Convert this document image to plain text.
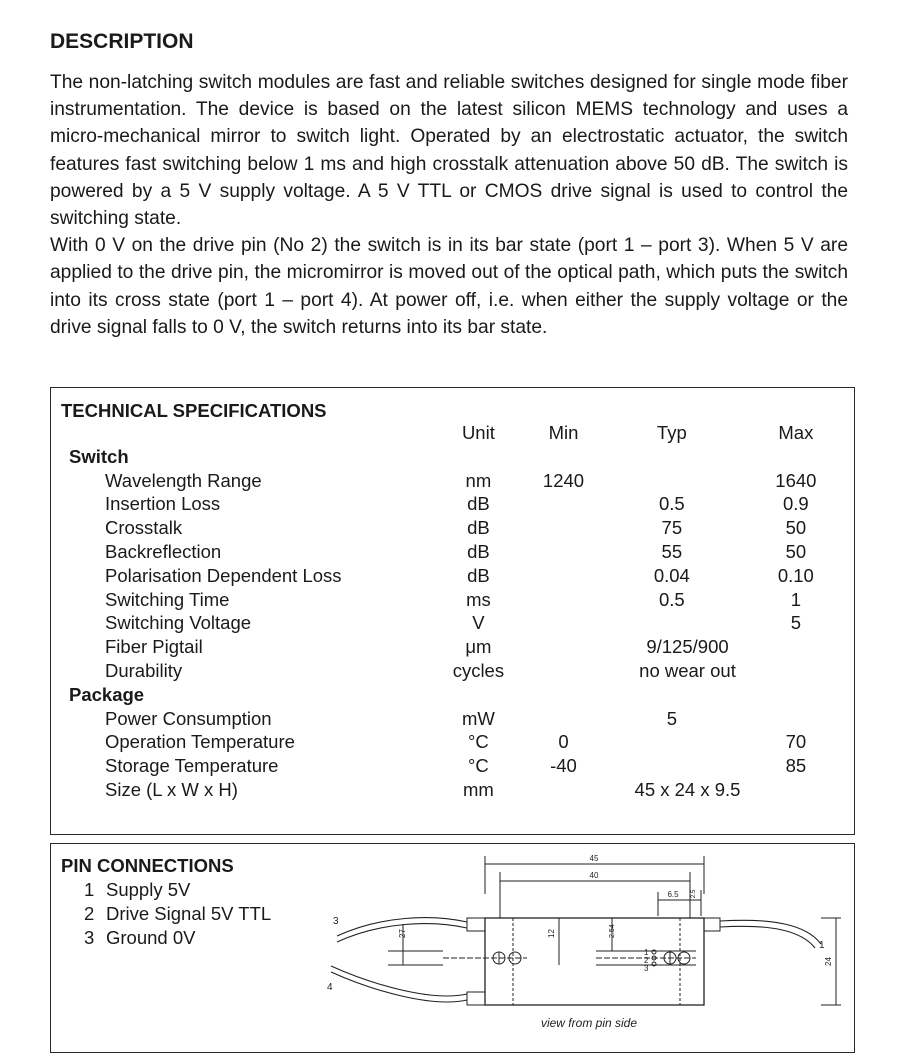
DESCRIPTION

The non-latching switch modules are fast and reliable switches designed for single mode fiber instrumentation. The device is based on the latest silicon MEMS technology and uses a micro-mechanical mirror to switch light. Operated by an electrostatic actuator, the switch features fast switching below 1 ms and high crosstalk attenuation above 50 dB. The switch is powered by a 5 V supply voltage. A 5 V TTL or CMOS drive signal is used to control the switching state.

With 0 V on the drive pin (No 2) the switch is in its bar state (port 1 – port 3). When 5 V are applied to the drive pin, the micromirror is moved out of the optical path, which puts the switch into its cross state (port 1 – port 4). At power off, i.e. when either the supply voltage or the drive signal falls to 0 V, the switch returns into its bar state.

TECHNICAL SPECIFICATIONS
	Unit	Min	Typ	Max	
Switch					
Wavelength Range	nm	1240		1640	
Insertion Loss	dB		0.5	0.9	
Crosstalk	dB		75	50	
Backreflection	dB		55	50	
Polarisation Dependent Loss	dB		0.04	0.10	
Switching Time	ms		0.5	1	
Switching Voltage	V			5	
Fiber Pigtail	μm	9/125/900			
Durability	cycles	no wear out			
Package					
Power Consumption	mW		5		
Operation Temperature	°C	0		70	
Storage Temperature	°C	-40		85	
Size (L x W x H)	mm	45 x 24 x 9.5			
PIN CONNECTIONS
1 Supply 5V
2 Drive Signal 5V TTL
3 Ground 0V
45
40
6.5 2.5
3
4
1
27	12	2.54
1
2
3
24
view from pin side
